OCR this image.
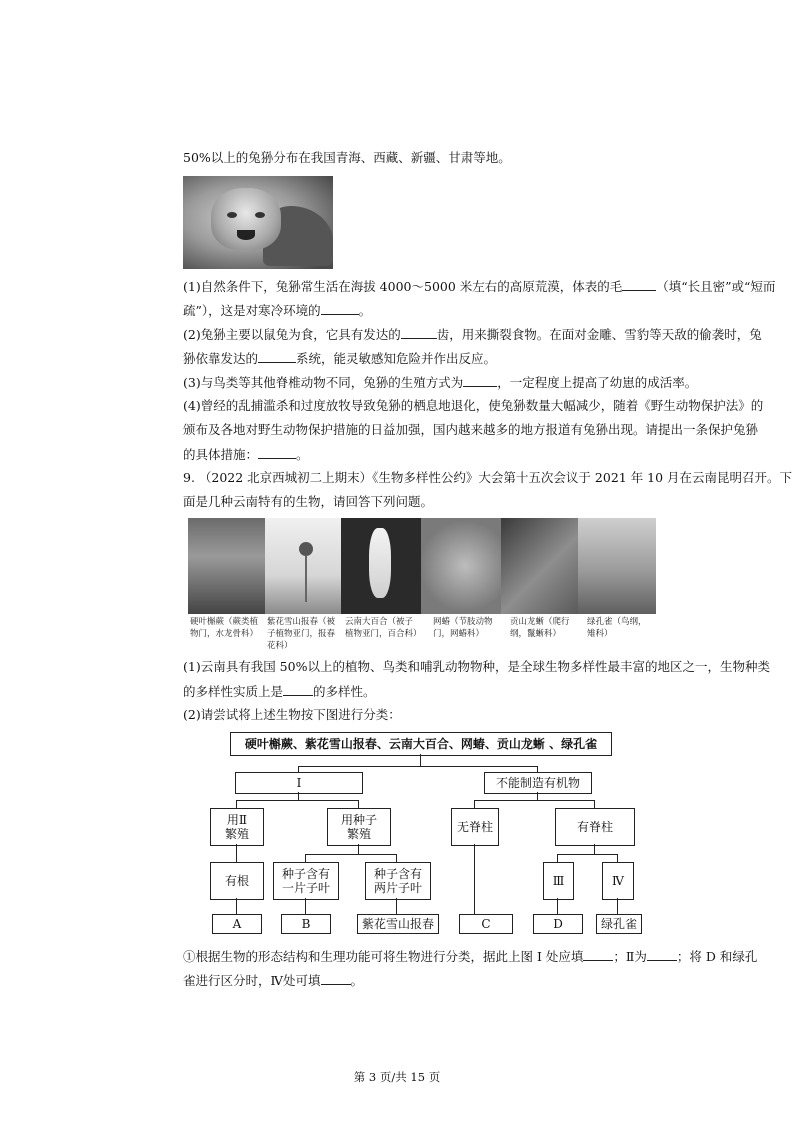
50%以上的兔狲分布在我国青海、西藏、新疆、甘肃等地。
(1)自然条件下，兔狲常生活在海拔 4000～5000 米左右的高原荒漠，体表的毛	（填“长且密”或“短而
疏”），这是对寒冷环境的	。
(2)兔狲主要以鼠兔为食，它具有发达的	齿，用来撕裂食物。在面对金雕、雪豹等天敌的偷袭时，兔
狲依靠发达的	系统，能灵敏感知危险并作出反应。
(3)与鸟类等其他脊椎动物不同，兔狲的生殖方式为	，一定程度上提高了幼崽的成活率。
(4)曾经的乱捕滥杀和过度放牧导致兔狲的栖息地退化，使兔狲数量大幅减少，随着《野生动物保护法》的
颁布及各地对野生动物保护措施的日益加强，国内越来越多的地方报道有兔狲出现。请提出一条保护兔狲
的具体措施：	。
9. （2022 北京西城初二上期末）《生物多样性公约》大会第十五次会议于 2021 年 10 月在云南昆明召开。下
面是几种云南特有的生物，请回答下列问题。
硬叶槲蕨（蕨类植物门，水龙骨科）
紫花雪山报春（被子植物亚门，报春花科）
云南大百合（被子植物亚门，百合科）
网蝽（节肢动物门，网蝽科）
贡山龙蜥（爬行纲，鬣蜥科）
绿孔雀（鸟纲，雉科）
(1)云南具有我国 50%以上的植物、鸟类和哺乳动物物种，是全球生物多样性最丰富的地区之一，生物种类
的多样性实质上是 的多样性。
(2)请尝试将上述生物按下图进行分类：
硬叶槲蕨、紫花雪山报春、云南大百合、网蝽、贡山龙蜥 、绿孔雀
I	不能制造有机物
用Ⅱ
繁殖
用种子
繁殖	无脊柱	有脊柱
有根	种子含有
一片子叶
种子含有
两片子叶	Ⅲ	Ⅳ
A	B	紫花雪山报春	C	D	绿孔雀
①根据生物的形态结构和生理功能可将生物进行分类，据此上图 I 处应填 ；Ⅱ为 ；将 D 和绿孔
雀进行区分时，Ⅳ处可填 。
第 3 页/共 15 页
